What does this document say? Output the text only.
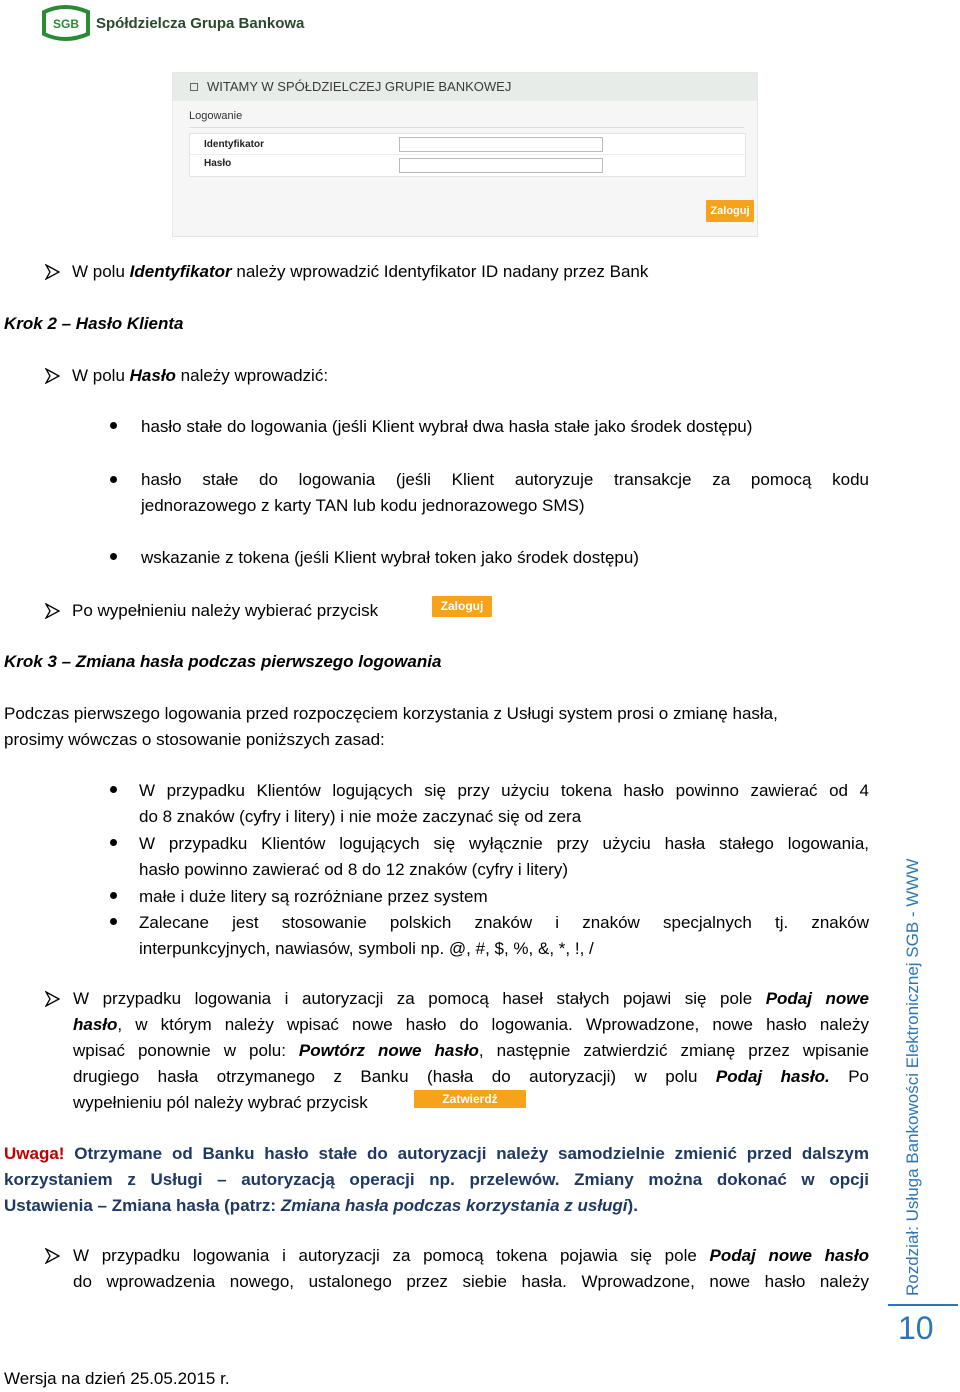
SGB Spółdzielcza Grupa Bankowa
WITAMY W SPÓŁDZIELCZEJ GRUPIE BANKOWEJ
Logowanie
Identyfikator
Hasło
Zaloguj
W polu Identyfikator należy wprowadzić Identyfikator ID nadany przez Bank
Krok 2 – Hasło Klienta
W polu Hasło należy wprowadzić:
hasło stałe do logowania (jeśli Klient wybrał dwa hasła stałe jako środek dostępu)
hasło stałe do logowania (jeśli Klient autoryzuje transakcje za pomocą kodu
jednorazowego z karty TAN lub kodu jednorazowego SMS)
wskazanie z tokena (jeśli Klient wybrał token jako środek dostępu)
Po wypełnieniu należy wybierać przycisk	Zaloguj
Krok 3 – Zmiana hasła podczas pierwszego logowania
Podczas pierwszego logowania przed rozpoczęciem korzystania z Usługi system prosi o zmianę hasła,
prosimy wówczas o stosowanie poniższych zasad:
W przypadku Klientów logujących się przy użyciu tokena hasło powinno zawierać od 4
do 8 znaków (cyfry i litery) i nie może zaczynać się od zera
W przypadku Klientów logujących się wyłącznie przy użyciu hasła stałego logowania,
hasło powinno zawierać od 8 do 12 znaków (cyfry i litery)
małe i duże litery są rozróżniane przez system
Zalecane jest stosowanie polskich znaków i znaków specjalnych tj. znaków
interpunkcyjnych, nawiasów, symboli np. @, #, $, %, &, *, !, /
W przypadku logowania i autoryzacji za pomocą haseł stałych pojawi się pole Podaj nowe
hasło, w którym należy wpisać nowe hasło do logowania. Wprowadzone, nowe hasło należy
wpisać ponownie w polu: Powtórz nowe hasło, następnie zatwierdzić zmianę przez wpisanie
drugiego hasła otrzymanego z Banku (hasła do autoryzacji) w polu Podaj hasło. Po
wypełnieniu pól należy wybrać przycisk	Zatwierdź
Uwaga! Otrzymane od Banku hasło stałe do autoryzacji należy samodzielnie zmienić przed dalszym
korzystaniem z Usługi – autoryzacją operacji np. przelewów. Zmiany można dokonać w opcji
Ustawienia – Zmiana hasła (patrz: Zmiana hasła podczas korzystania z usługi).
W przypadku logowania i autoryzacji za pomocą tokena pojawia się pole Podaj nowe hasło
do wprowadzenia nowego, ustalonego przez siebie hasła. Wprowadzone, nowe hasło należy Rozdział: Usługa Bankowości Elektronicznej SGB - WWW
10
Wersja na dzień 25.05.2015 r.
